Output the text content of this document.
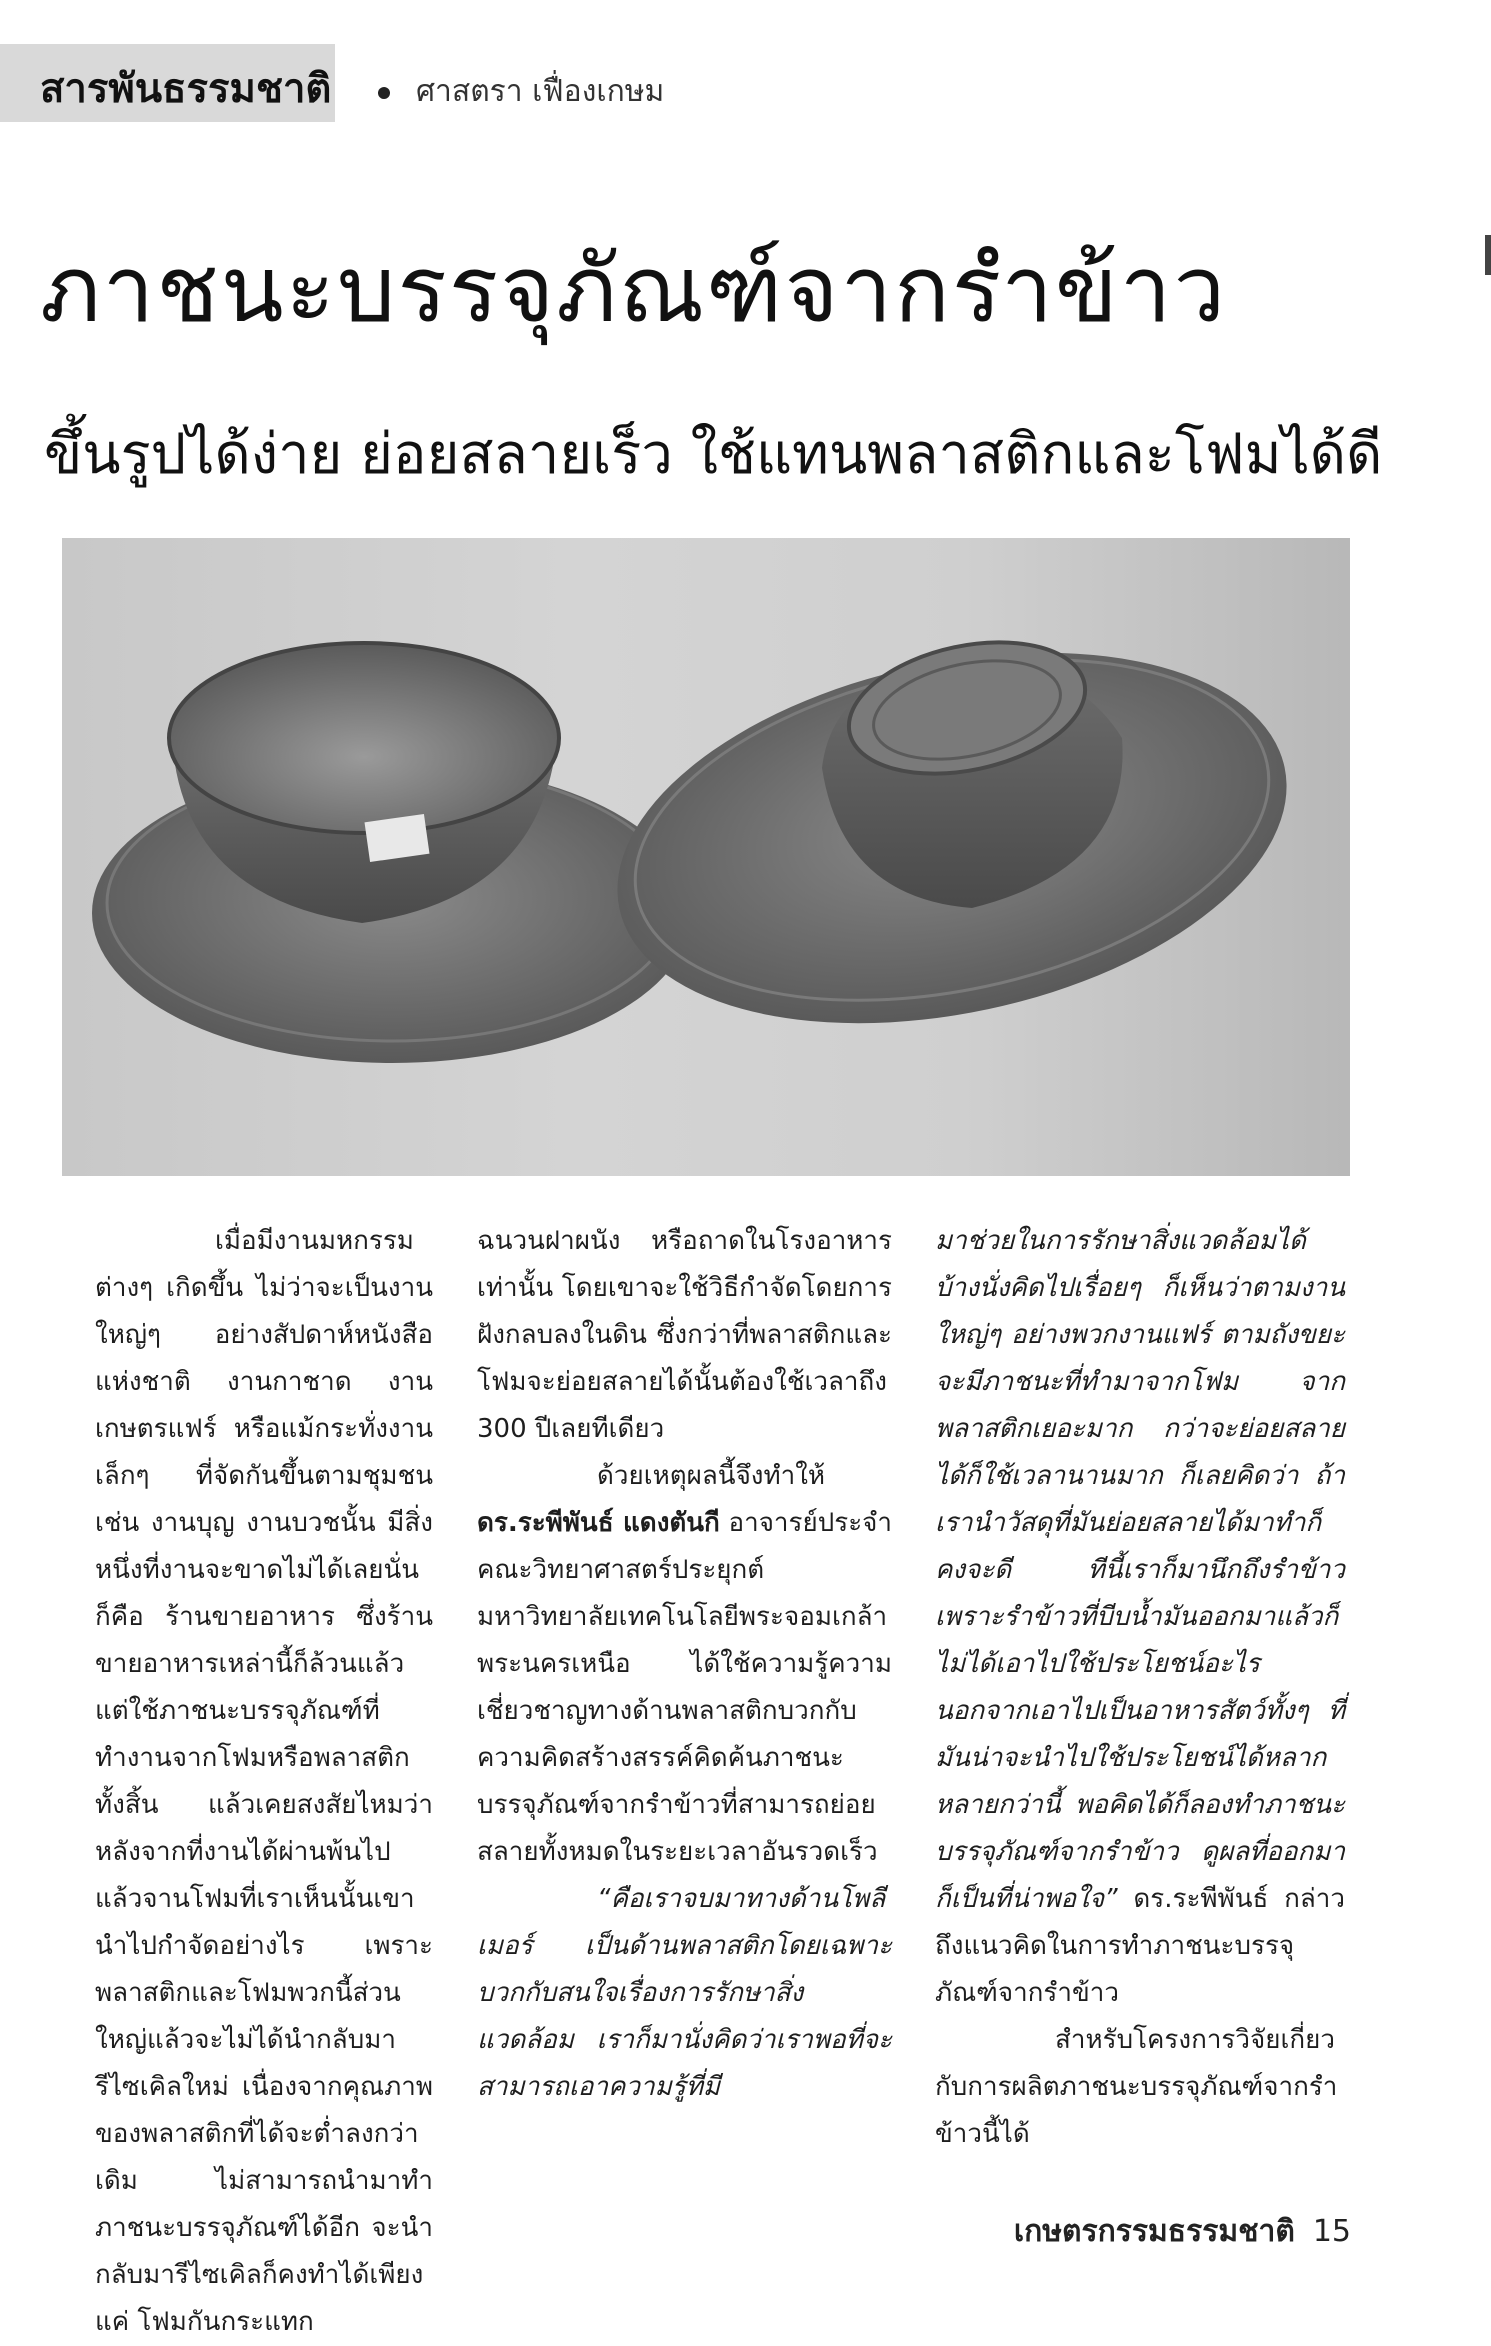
สารพันธรรมชาติ	ศาสตรา เฟื่องเกษม
ภาชนะบรรจุภัณฑ์จากรำข้าว
ขึ้นรูปได้ง่าย ย่อยสลายเร็ว ใช้แทนพลาสติกและโฟมได้ดี

เมื่อมีงานมหกรรมต่างๆ เกิดขึ้น ไม่ว่าจะเป็นงานใหญ่ๆ อย่างสัปดาห์หนังสือแห่งชาติ งานกาชาด งานเกษตรแฟร์ หรือแม้กระทั่งงานเล็กๆ ที่จัดกันขึ้นตามชุมชน เช่น งานบุญ งานบวชนั้น มีสิ่งหนึ่งที่งานจะขาดไม่ได้เลยนั่นก็คือ ร้านขายอาหาร ซึ่งร้านขายอาหารเหล่านี้ก็ล้วนแล้วแต่ใช้ภาชนะบรรจุภัณฑ์ที่ทำงานจากโฟมหรือพลาสติกทั้งสิ้น แล้วเคยสงสัยไหมว่า หลังจากที่งานได้ผ่านพ้นไปแล้วจานโฟมที่เราเห็นนั้นเขานำไปกำจัดอย่างไร เพราะพลาสติกและโฟมพวกนี้ส่วนใหญ่แล้วจะไม่ได้นำกลับมารีไซเคิลใหม่ เนื่องจากคุณภาพของพลาสติกที่ได้จะต่ำลงกว่าเดิม ไม่สามารถนำมาทำภาชนะบรรจุภัณฑ์ได้อีก จะนำกลับมารีไซเคิลก็คงทำได้เพียงแค่ โฟมกันกระแทก

ฉนวนฝาผนัง หรือถาดในโรงอาหารเท่านั้น โดยเขาจะใช้วิธีกำจัดโดยการฝังกลบลงในดิน ซึ่งกว่าที่พลาสติกและโฟมจะย่อยสลายได้นั้นต้องใช้เวลาถึง 300 ปีเลยทีเดียว

ด้วยเหตุผลนี้จึงทำให้ ดร.ระพีพันธ์ แดงตันกี อาจารย์ประจำคณะวิทยาศาสตร์ประยุกต์ มหาวิทยาลัยเทคโนโลยีพระจอมเกล้าพระนครเหนือ ได้ใช้ความรู้ความเชี่ยวชาญทางด้านพลาสติกบวกกับความคิดสร้างสรรค์คิดค้นภาชนะบรรจุภัณฑ์จากรำข้าวที่สามารถย่อยสลายทั้งหมดในระยะเวลาอันรวดเร็ว

“คือเราจบมาทางด้านโพลีเมอร์ เป็นด้านพลาสติกโดยเฉพาะ บวกกับสนใจเรื่องการรักษาสิ่งแวดล้อม เราก็มานั่งคิดว่าเราพอที่จะสามารถเอาความรู้ที่มี

มาช่วยในการรักษาสิ่งแวดล้อมได้บ้างนั่งคิดไปเรื่อยๆ ก็เห็นว่าตามงานใหญ่ๆ อย่างพวกงานแฟร์ ตามถังขยะจะมีภาชนะที่ทำมาจากโฟม จากพลาสติกเยอะมาก กว่าจะย่อยสลายได้ก็ใช้เวลานานมาก ก็เลยคิดว่า ถ้าเรานำวัสดุที่มันย่อยสลายได้มาทำก็คงจะดี ทีนี้เราก็มานึกถึงรำข้าว เพราะรำข้าวที่บีบน้ำมันออกมาแล้วก็ไม่ได้เอาไปใช้ประโยชน์อะไร นอกจากเอาไปเป็นอาหารสัตว์ทั้งๆ ที่มันน่าจะนำไปใช้ประโยชน์ได้หลากหลายกว่านี้ พอคิดได้ก็ลองทำภาชนะบรรจุภัณฑ์จากรำข้าว ดูผลที่ออกมาก็เป็นที่น่าพอใจ” ดร.ระพีพันธ์ กล่าวถึงแนวคิดในการทำภาชนะบรรจุภัณฑ์จากรำข้าว

สำหรับโครงการวิจัยเกี่ยวกับการผลิตภาชนะบรรจุภัณฑ์จากรำข้าวนี้ได้

เกษตรกรรมธรรมชาติ 15
